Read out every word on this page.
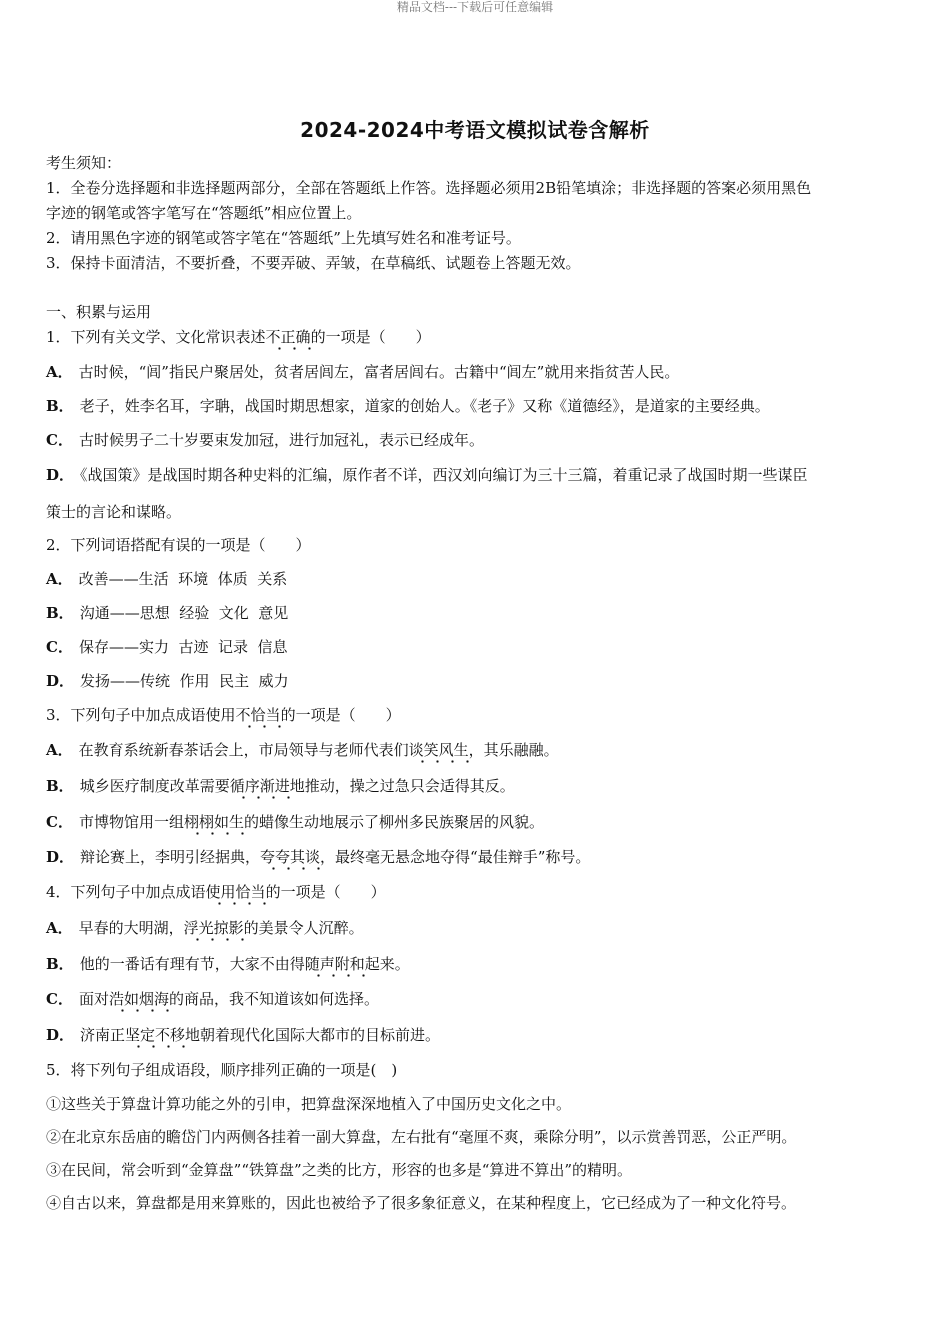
精品文档---下载后可任意编辑
2024-2024中考语文模拟试卷含解析
考生须知：
1．全卷分选择题和非选择题两部分，全部在答题纸上作答。选择题必须用2B铅笔填涂；非选择题的答案必须用黑色
字迹的钢笔或答字笔写在“答题纸”相应位置上。
2．请用黑色字迹的钢笔或答字笔在“答题纸”上先填写姓名和准考证号。
3．保持卡面清洁，不要折叠，不要弄破、弄皱，在草稿纸、试题卷上答题无效。
一、积累与运用
1．下列有关文学、文化常识表述不正确的一项是（　　）
A． 古时候，“闾”指民户聚居处，贫者居闾左，富者居闾右。古籍中“闾左”就用来指贫苦人民。
B． 老子，姓李名耳，字聃，战国时期思想家，道家的创始人。《老子》又称《道德经》，是道家的主要经典。
C． 古时候男子二十岁要束发加冠，进行加冠礼，表示已经成年。
D． 《战国策》是战国时期各种史料的汇编，原作者不详，西汉刘向编订为三十三篇，着重记录了战国时期一些谋臣
策士的言论和谋略。
2．下列词语搭配有误的一项是（　　）
A． 改善——生活  环境  体质  关系
B． 沟通——思想  经验  文化  意见
C． 保存——实力  古迹  记录  信息
D． 发扬——传统  作用  民主  威力
3．下列句子中加点成语使用不恰当的一项是（　　）
A． 在教育系统新春茶话会上，市局领导与老师代表们谈笑风生，其乐融融。
B． 城乡医疗制度改革需要循序渐进地推动，操之过急只会适得其反。
C． 市博物馆用一组栩栩如生的蜡像生动地展示了柳州多民族聚居的风貌。
D． 辩论赛上，李明引经据典，夸夸其谈，最终毫无悬念地夺得“最佳辩手”称号。
4．下列句子中加点成语使用恰当的一项是（　　）
A． 早春的大明湖，浮光掠影的美景令人沉醉。
B． 他的一番话有理有节，大家不由得随声附和起来。
C． 面对浩如烟海的商品，我不知道该如何选择。
D． 济南正坚定不移地朝着现代化国际大都市的目标前进。
5．将下列句子组成语段，顺序排列正确的一项是(　)
①这些关于算盘计算功能之外的引申，把算盘深深地植入了中国历史文化之中。
②在北京东岳庙的瞻岱门内两侧各挂着一副大算盘，左右批有“毫厘不爽，乘除分明”，以示赏善罚恶，公正严明。
③在民间，常会听到“金算盘”“铁算盘”之类的比方，形容的也多是“算进不算出”的精明。
④自古以来，算盘都是用来算账的，因此也被给予了很多象征意义，在某种程度上，它已经成为了一种文化符号。
